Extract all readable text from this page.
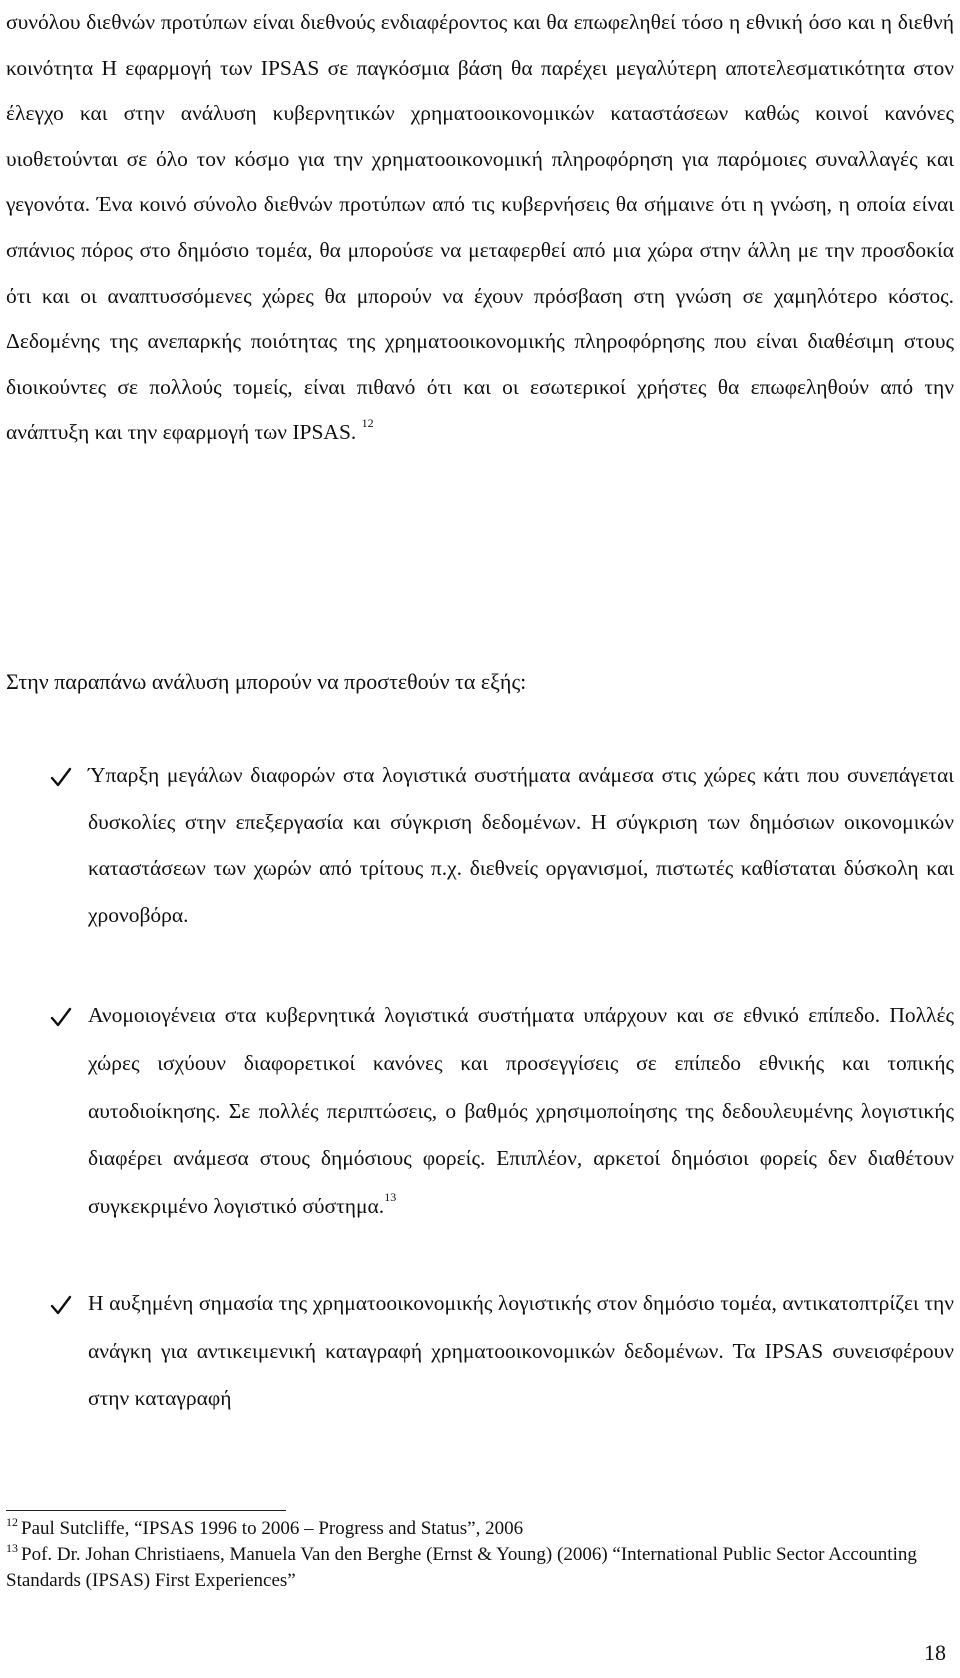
συνόλου διεθνών προτύπων είναι διεθνούς ενδιαφέροντος και θα επωφεληθεί τόσο η εθνική όσο και η διεθνή κοινότητα Η εφαρμογή των IPSAS σε παγκόσμια βάση θα παρέχει μεγαλύτερη αποτελεσματικότητα στον έλεγχο και στην ανάλυση κυβερνητικών χρηματοοικονομικών καταστάσεων καθώς κοινοί κανόνες υιοθετούνται σε όλο τον κόσμο για την χρηματοοικονομική πληροφόρηση για παρόμοιες συναλλαγές και γεγονότα. Ένα κοινό σύνολο διεθνών προτύπων από τις κυβερνήσεις θα σήμαινε ότι η γνώση, η οποία είναι σπάνιος πόρος στο δημόσιο τομέα, θα μπορούσε να μεταφερθεί από μια χώρα στην άλλη με την προσδοκία ότι και οι αναπτυσσόμενες χώρες θα μπορούν να έχουν πρόσβαση στη γνώση σε χαμηλότερο κόστος. Δεδομένης της ανεπαρκής ποιότητας της χρηματοοικονομικής πληροφόρησης που είναι διαθέσιμη στους διοικούντες σε πολλούς τομείς, είναι πιθανό ότι και οι εσωτερικοί χρήστες θα επωφεληθούν από την ανάπτυξη και την εφαρμογή των IPSAS. $^{12}$

Στην παραπάνω ανάλυση μπορούν να προστεθούν τα εξής:

Ύπαρξη μεγάλων διαφορών στα λογιστικά συστήματα ανάμεσα στις χώρες κάτι που συνεπάγεται δυσκολίες στην επεξεργασία και σύγκριση δεδομένων. Η σύγκριση των δημόσιων οικονομικών καταστάσεων των χωρών από τρίτους π.χ. διεθνείς οργανισμοί, πιστωτές καθίσταται δύσκολη και χρονοβόρα.

Ανομοιογένεια στα κυβερνητικά λογιστικά συστήματα υπάρχουν και σε εθνικό επίπεδο. Πολλές χώρες ισχύουν διαφορετικοί κανόνες και προσεγγίσεις σε επίπεδο εθνικής και τοπικής αυτοδιοίκησης. Σε πολλές περιπτώσεις, ο βαθμός χρησιμοποίησης της δεδουλευμένης λογιστικής διαφέρει ανάμεσα στους δημόσιους φορείς. Επιπλέον, αρκετοί δημόσιοι φορείς δεν διαθέτουν συγκεκριμένο λογιστικό σύστημα.$^{13}$

Η αυξημένη σημασία της χρηματοοικονομικής λογιστικής στον δημόσιο τομέα, αντικατοπτρίζει την ανάγκη για αντικειμενική καταγραφή χρηματοοικονομικών δεδομένων. Τα IPSAS συνεισφέρουν στην καταγραφή

$^{12}$ Paul Sutcliffe, “IPSAS 1996 to 2006 – Progress and Status”, 2006

$^{13}$ Pof. Dr. Johan Christiaens, Manuela Van den Berghe (Ernst & Young) (2006) “International Public Sector Accounting Standards (IPSAS) First Experiences”

18
